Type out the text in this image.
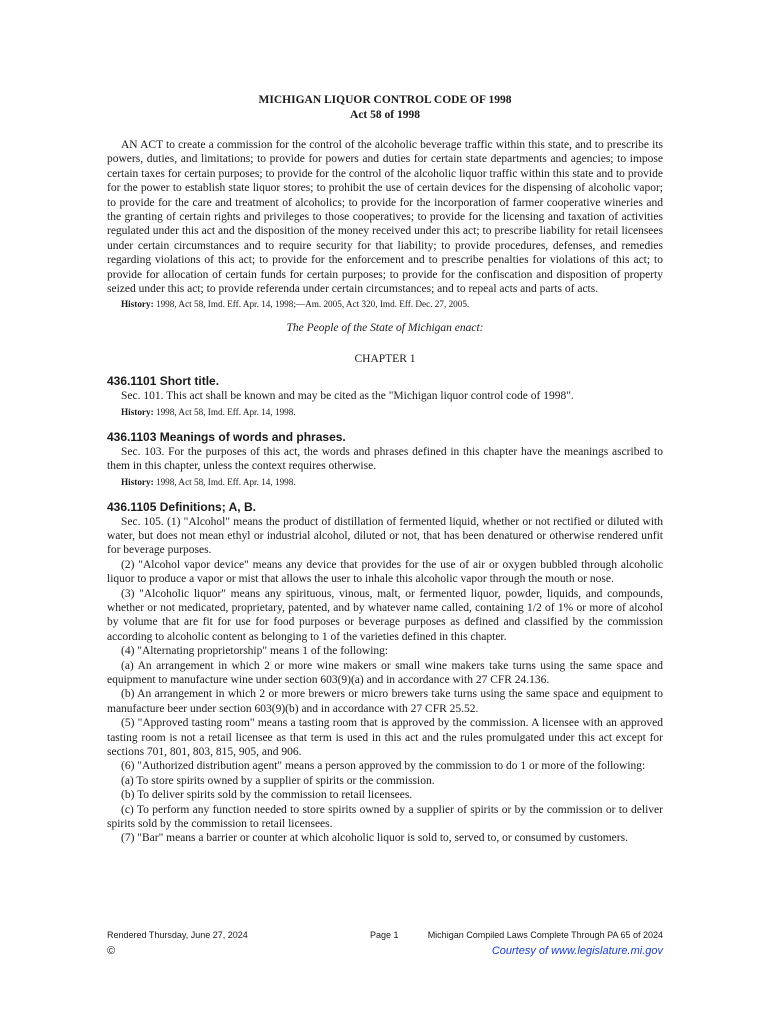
MICHIGAN LIQUOR CONTROL CODE OF 1998
Act 58 of 1998

AN ACT to create a commission for the control of the alcoholic beverage traffic within this state, and to prescribe its powers, duties, and limitations; to provide for powers and duties for certain state departments and agencies; to impose certain taxes for certain purposes; to provide for the control of the alcoholic liquor traffic within this state and to provide for the power to establish state liquor stores; to prohibit the use of certain devices for the dispensing of alcoholic vapor; to provide for the care and treatment of alcoholics; to provide for the incorporation of farmer cooperative wineries and the granting of certain rights and privileges to those cooperatives; to provide for the licensing and taxation of activities regulated under this act and the disposition of the money received under this act; to prescribe liability for retail licensees under certain circumstances and to require security for that liability; to provide procedures, defenses, and remedies regarding violations of this act; to provide for the enforcement and to prescribe penalties for violations of this act; to provide for allocation of certain funds for certain purposes; to provide for the confiscation and disposition of property seized under this act; to provide referenda under certain circumstances; and to repeal acts and parts of acts.

History: 1998, Act 58, Imd. Eff. Apr. 14, 1998;—Am. 2005, Act 320, Imd. Eff. Dec. 27, 2005.
The People of the State of Michigan enact:
CHAPTER 1
436.1101 Short title.

Sec. 101. This act shall be known and may be cited as the "Michigan liquor control code of 1998".

History: 1998, Act 58, Imd. Eff. Apr. 14, 1998.
436.1103 Meanings of words and phrases.

Sec. 103. For the purposes of this act, the words and phrases defined in this chapter have the meanings ascribed to them in this chapter, unless the context requires otherwise.

History: 1998, Act 58, Imd. Eff. Apr. 14, 1998.
436.1105 Definitions; A, B.

Sec. 105. (1) "Alcohol" means the product of distillation of fermented liquid, whether or not rectified or diluted with water, but does not mean ethyl or industrial alcohol, diluted or not, that has been denatured or otherwise rendered unfit for beverage purposes.

(2) "Alcohol vapor device" means any device that provides for the use of air or oxygen bubbled through alcoholic liquor to produce a vapor or mist that allows the user to inhale this alcoholic vapor through the mouth or nose.

(3) "Alcoholic liquor" means any spirituous, vinous, malt, or fermented liquor, powder, liquids, and compounds, whether or not medicated, proprietary, patented, and by whatever name called, containing 1/2 of 1% or more of alcohol by volume that are fit for use for food purposes or beverage purposes as defined and classified by the commission according to alcoholic content as belonging to 1 of the varieties defined in this chapter.

(4) "Alternating proprietorship" means 1 of the following:

(a) An arrangement in which 2 or more wine makers or small wine makers take turns using the same space and equipment to manufacture wine under section 603(9)(a) and in accordance with 27 CFR 24.136.

(b) An arrangement in which 2 or more brewers or micro brewers take turns using the same space and equipment to manufacture beer under section 603(9)(b) and in accordance with 27 CFR 25.52.

(5) "Approved tasting room" means a tasting room that is approved by the commission. A licensee with an approved tasting room is not a retail licensee as that term is used in this act and the rules promulgated under this act except for sections 701, 801, 803, 815, 905, and 906.

(6) "Authorized distribution agent" means a person approved by the commission to do 1 or more of the following:

(a) To store spirits owned by a supplier of spirits or the commission.

(b) To deliver spirits sold by the commission to retail licensees.

(c) To perform any function needed to store spirits owned by a supplier of spirits or by the commission or to deliver spirits sold by the commission to retail licensees.

(7) "Bar" means a barrier or counter at which alcoholic liquor is sold to, served to, or consumed by customers.

Rendered Thursday, June 27, 2024	Page 1	Michigan Compiled Laws Complete Through PA 65 of 2024
©	Courtesy of www.legislature.mi.gov
